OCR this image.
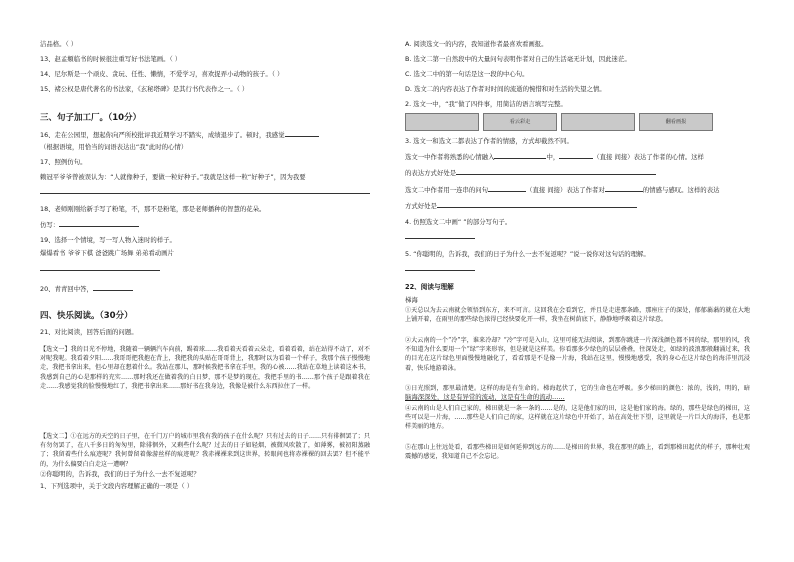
洁品格。（ ）
13、赵孟頫临书的时候很注重写好书法笔画。（ ）
14、尼尔斯是一个顽皮、贪玩、任性、懒惰，不爱学习，喜欢捉弄小动物的孩子。（ ）
15、褚公权是唐代著名的书法家，《玄秘塔碑》是其行书代表作之一。（ ）
三、句子加工厂。（10分）
16、走在公园里，想起你向严所校批评我近期学习不踏实，成绩退步了。顿时，我感觉
（根据语境，用恰当的词语表达出“我”此时的心情）
17、照例仿句。
赖冠平爷爷曾被误认为：“人就像种子，要做一粒好种子。”我就是这样一粒“好种子”，因为我要
18、老师刚刚给新手写了粉笔，不，那不是粉笔，那是老师播种的智慧的花朵。
仿写：
19、选择一个情境，写一写人物入迷时的样子。
爆爆看书 爷爷下棋 爸爸跳广场舞 弟弟看动画片
20、青青回中答，
四、快乐阅读。（30分）
21、对比阅读，回答后面的问题。
【选文一】我的目光不停地，我随着一辆辆汽车向前，踢着球……我看着天看着云朵走，看着看着，站在站得不动了，对不对呢我呢。我看着夕阳……我哥哥把我抱在背上，我把我的头贴在哥哥背上，我那时以为看着一个样子，我那个孩子慢慢地走，我把书拿出来，但心里却在想着什么。我站在那儿，那时候我把书拿在手里，我的心被……我站在草地上读着这本书，我感到自己的心是那样的充实……那时我还在做着我的白日梦，那不是梦的现在，我把手里的书……那个孩子是跟着我在走……我感觉我的脸慢慢地红了，我把书拿出来……那好书在我身边，我像是被什么东西拉住了一样。
【选文二】①在远方的天空的日子里，在千门万户的城市里我有我的孩子在什么呢？只有过去的日子……只有徘徊罢了；只有勿勿罢了，在八千多日的匆匆里，除徘徊外，又剩些什么呢？过去的日子如轻烟，被微风吹散了，如薄雾，被初阳蒸融了；我留着些什么痕迹呢？我何曾留着像游丝样的痕迹呢？我赤裸裸来到这世界，转眼间也将赤裸裸的回去罢？但不能平的，为什么偏要白白走这一遭啊？
②你聪明的，告诉我，我们的日子为什么一去不复返呢？
1、下列选项中，关于文段内容理解正确的一项是（ ）
A. 阅读选文一的内容，我知道作者最喜欢看画报。
B. 选文二第一自然段中的大量问句表明作者对自己的生活毫无计划，因此迷茫。
C. 选文二中的第一句话是这一段的中心句。
D. 选文二的内容表达了作者对时间的流逝的惋惜和对生活的失望之情。
2. 选文一中，“我”做了四件事，用简洁的语言填写完整。
看云彩走	翻看画报
3. 选文一和选文二都表达了作者的情感，方式却截然不同。
选文一中作者将熟悉的心情融入	中，	（直接 间接）表达了作者的心情。这样
的表达方式好处是
选文二中作者用一连串的问句	（直接 间接）表达了作者对	的情感与感叹。这样的表达
方式好处是
4. 仿照选文二中画“ ”的部分写句子。
5. “你聪明的，告诉我，我们的日子为什么一去不复返呢？”说一说你对这句话的理解。
22、阅读与理解
梯海
①天总以为去云南就会领悟到东方，来不可言。这回我在会看到它，并且是走进那条路，那座庄子的深处，郁郁蓊蓊的就在大地上铺开着，在雨里的那些绿色浓得已经快要化开一样，我坐在树荫底下，静静地呼吸着这片绿意。
②大云南的一个“冷”字，谁来冷却？“冷”字可是入山，这里可能无法阅读，到那你跳进一片深浅颜色都不同的绿，那里的风，我不知道为什么要用一个“绿”字来形容，但是就是这样美。你看那多少绿色的层层叠叠，往深处走，如绿的波浪那般翻涌过来，我的目光在这片绿色里面慢慢地融化了，看看那是不是像一片海，我站在这里，慢慢地感受，我的身心在这片绿色的海洋里沉浸着，快乐地游着泳。
③日光照到，那里最清楚。这样的海是有生命的。梯海起伏了，它的生命也在呼吸。多少梯田的颜色：浓的，浅的，明的，暗
脑海深深处，这是有异常的流动，这是有生命的流动……
④云南的山是人们自己家的，梯田就是一条一条的……是的，这是他们家的田，这是他们家的海。绿的，那些是绿色的梯田，这些可以是一片海，……那些是人们自己的家，这样就在这片绿色中开始了，站在高处往下望，这里就是一片巨大的海洋，也是那样美丽的地方。
⑤在那山上往远处看，看那些梯田是如何延伸到远方的……是梯田的世界，我在那里的路上，看到那梯田起伏的样子，那种壮观震撼的感觉，我知道自己不会忘记。
